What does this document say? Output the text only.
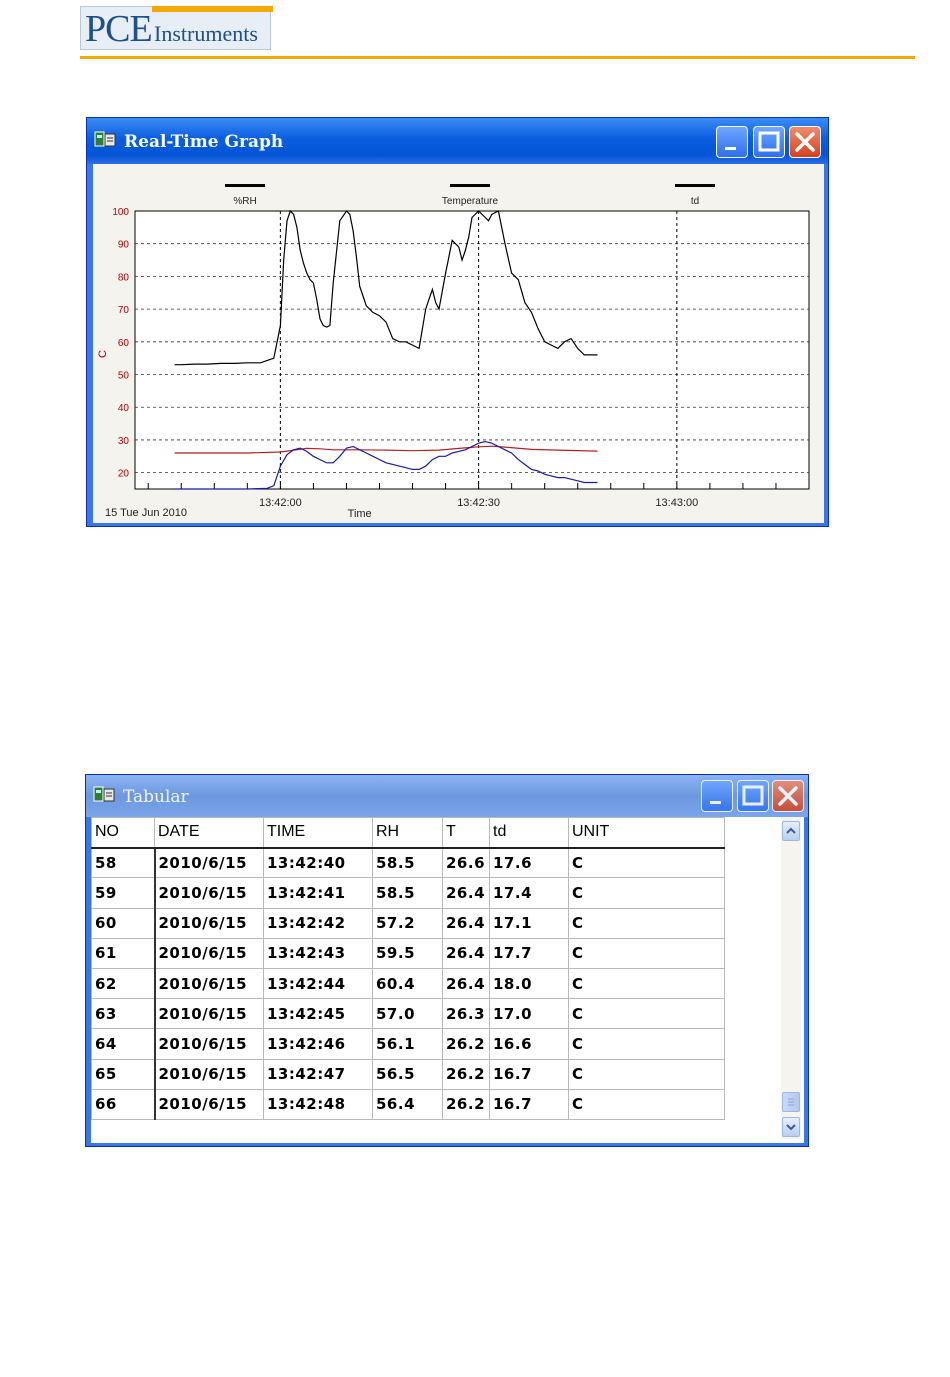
PCE Instruments
Real-Time Graph
20
30
40
50
60
70
80
90
100
13:42:00	13:42:30	13:43:00
C
15 Tue Jun 2010	Time
%RH	Temperature	td
Tabular
NO	DATE	TIME	RH	T	td	UNIT
58	2010/6/15	13:42:40	58.5	26.6	17.6	C
59	2010/6/15	13:42:41	58.5	26.4	17.4	C
60	2010/6/15	13:42:42	57.2	26.4	17.1	C
61	2010/6/15	13:42:43	59.5	26.4	17.7	C
62	2010/6/15	13:42:44	60.4	26.4	18.0	C
63	2010/6/15	13:42:45	57.0	26.3	17.0	C
64	2010/6/15	13:42:46	56.1	26.2	16.6	C
65	2010/6/15	13:42:47	56.5	26.2	16.7	C
66	2010/6/15	13:42:48	56.4	26.2	16.7	C
